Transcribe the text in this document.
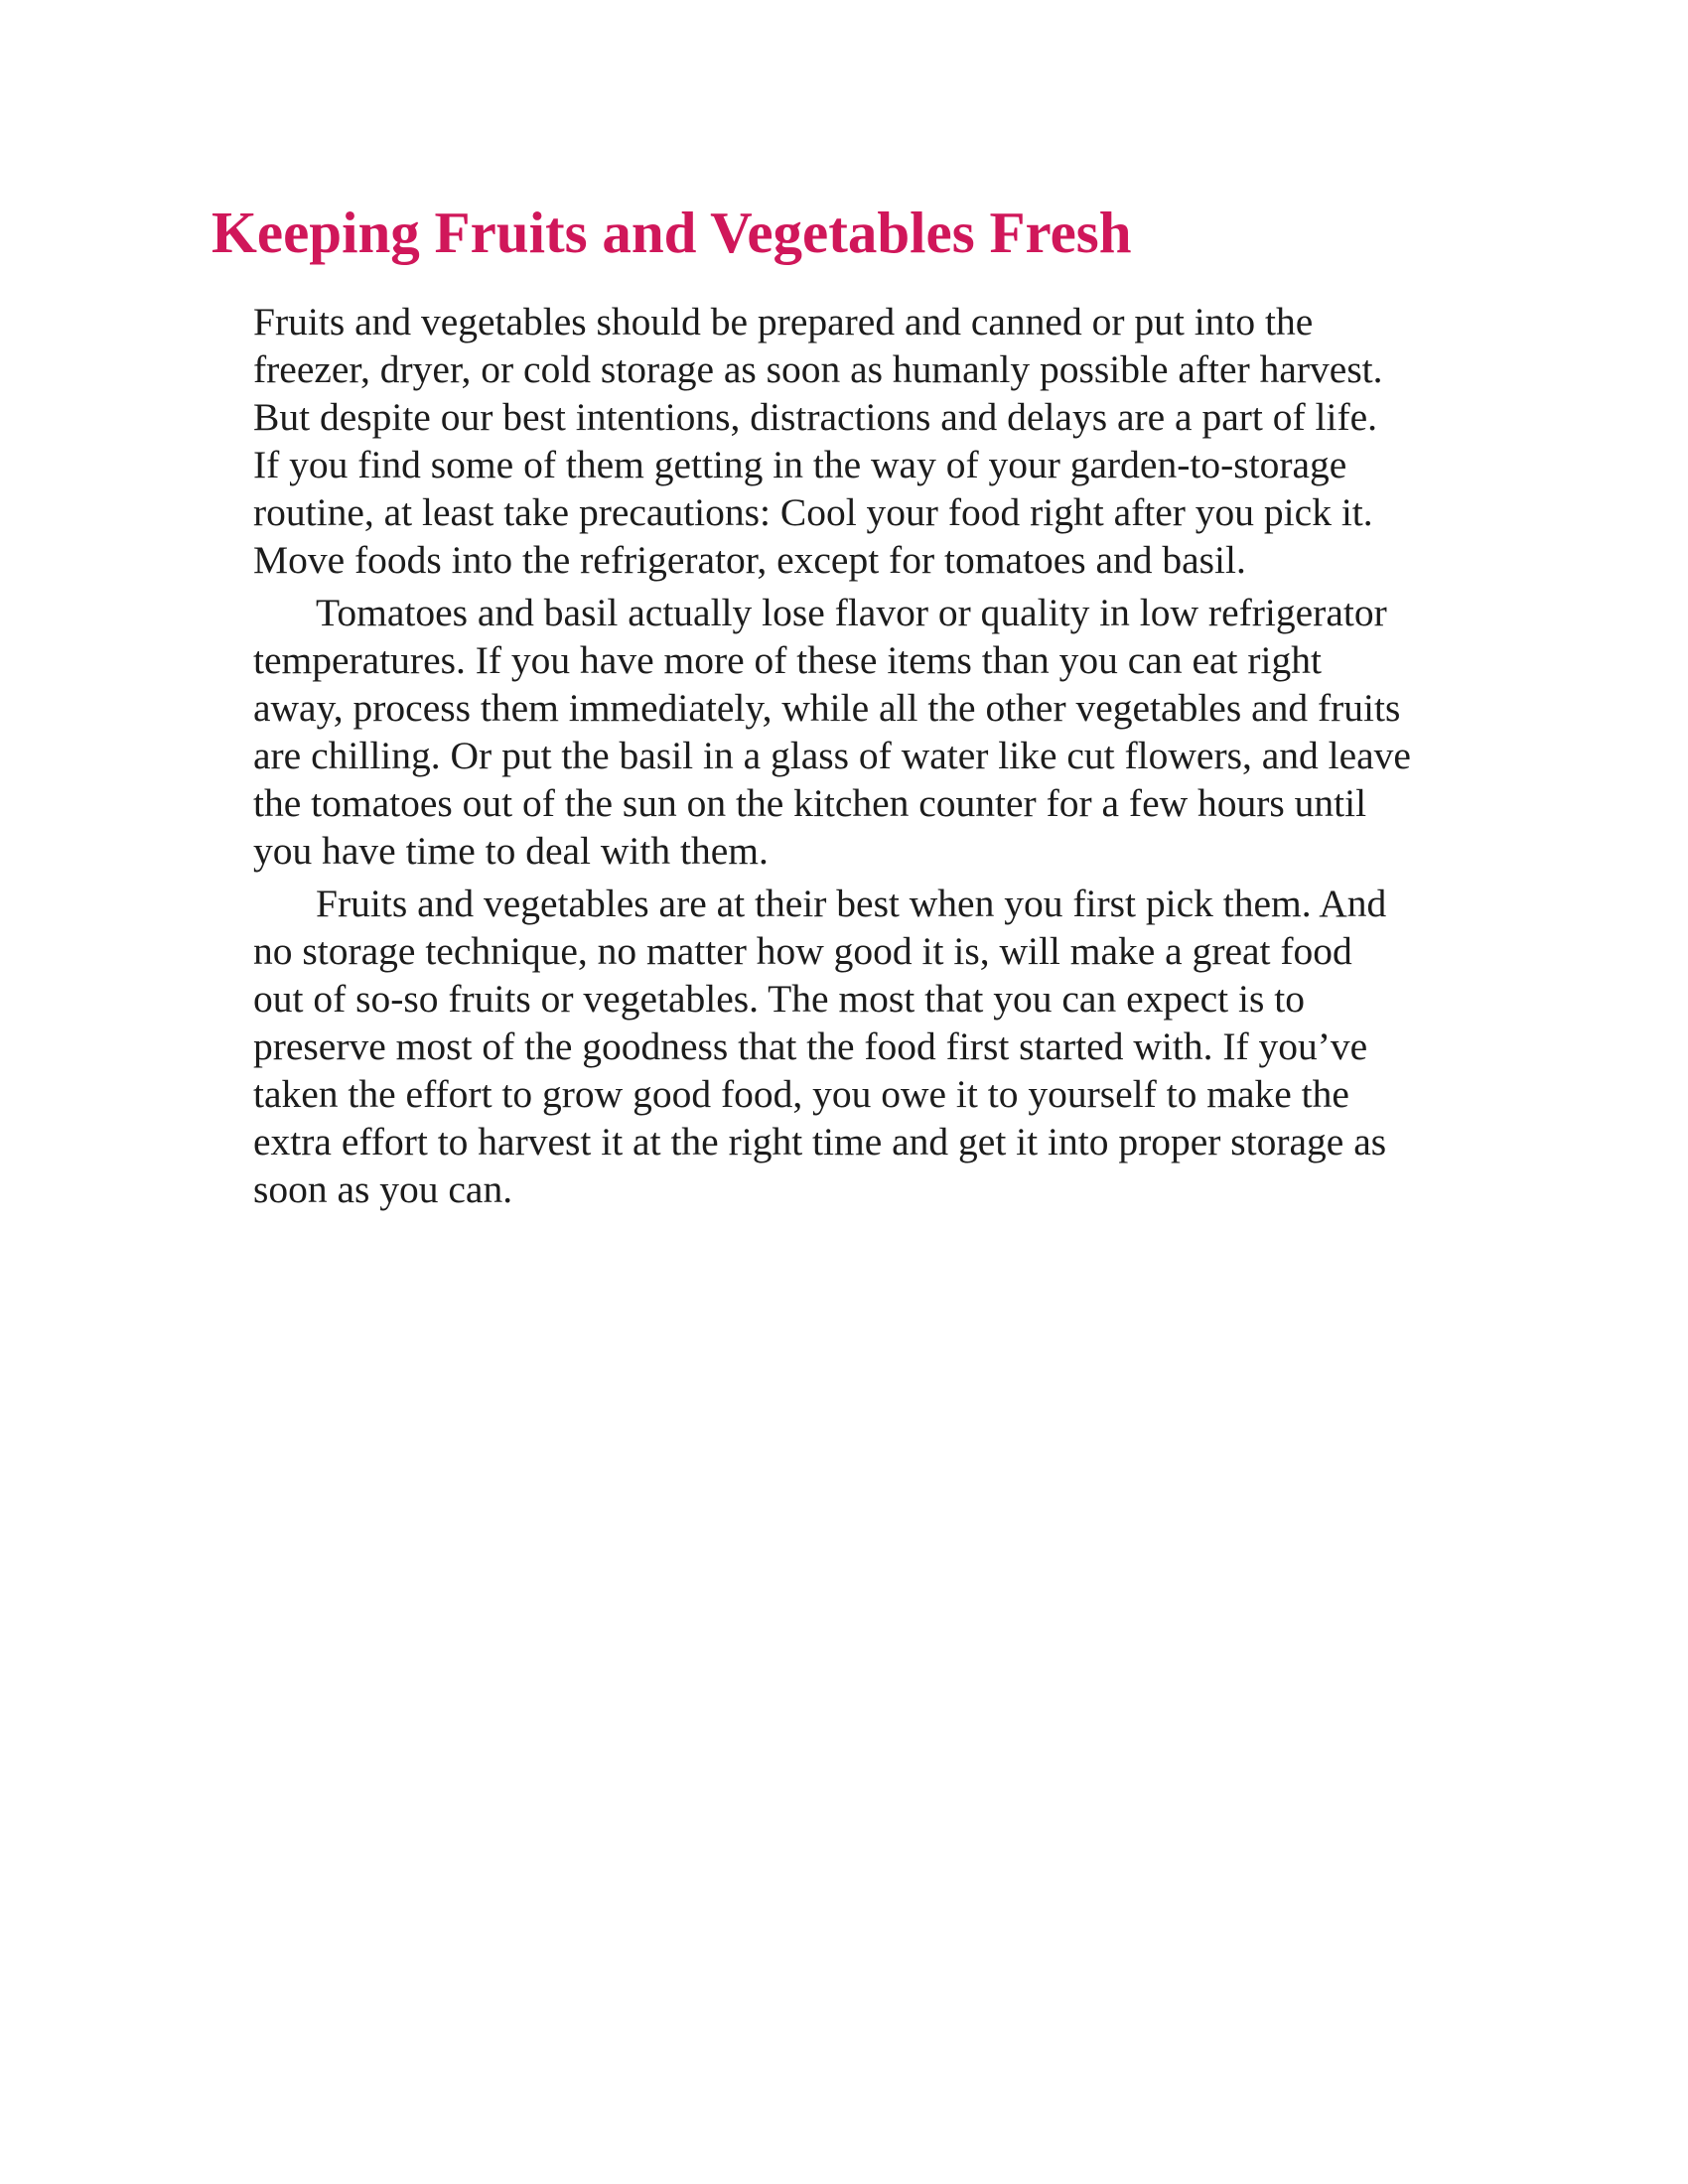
Keeping Fruits and Vegetables Fresh

Fruits and vegetables should be prepared and canned or put into the
freezer, dryer, or cold storage as soon as humanly possible after harvest.
But despite our best intentions, distractions and delays are a part of life.
If you find some of them getting in the way of your garden-to-storage
routine, at least take precautions: Cool your food right after you pick it.
Move foods into the refrigerator, except for tomatoes and basil.

Tomatoes and basil actually lose flavor or quality in low refrigerator
temperatures. If you have more of these items than you can eat right
away, process them immediately, while all the other vegetables and fruits
are chilling. Or put the basil in a glass of water like cut flowers, and leave
the tomatoes out of the sun on the kitchen counter for a few hours until
you have time to deal with them.

Fruits and vegetables are at their best when you first pick them. And
no storage technique, no matter how good it is, will make a great food
out of so-so fruits or vegetables. The most that you can expect is to
preserve most of the goodness that the food first started with. If you’ve
taken the effort to grow good food, you owe it to yourself to make the
extra effort to harvest it at the right time and get it into proper storage as
soon as you can.
